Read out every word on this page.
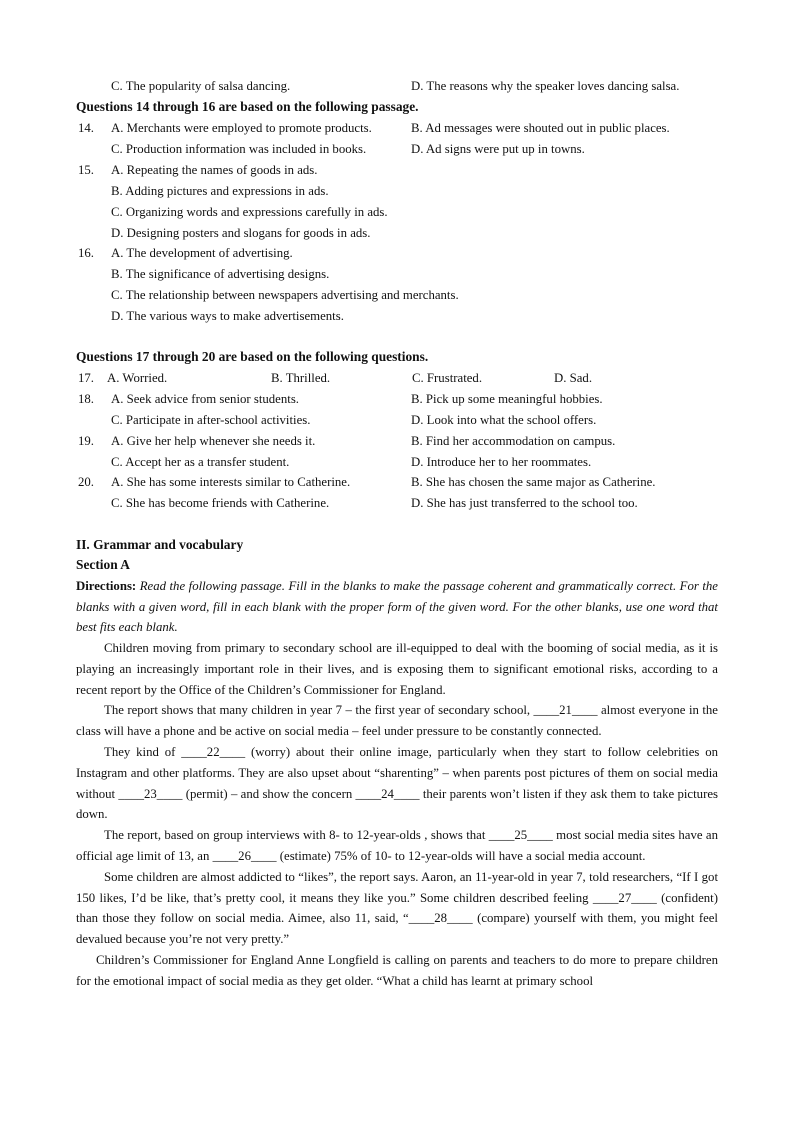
C. The popularity of salsa dancing.	D. The reasons why the speaker loves dancing salsa.
Questions 14 through 16 are based on the following passage.
14. A. Merchants were employed to promote products.	B. Ad messages were shouted out in public places.
C. Production information was included in books.	D. Ad signs were put up in towns.
15. A. Repeating the names of goods in ads.
B. Adding pictures and expressions in ads.
C. Organizing words and expressions carefully in ads.
D. Designing posters and slogans for goods in ads.
16. A. The development of advertising.
B. The significance of advertising designs.
C. The relationship between newspapers advertising and merchants.
D. The various ways to make advertisements.
Questions 17 through 20 are based on the following questions.
17. A. Worried.	B. Thrilled.	C. Frustrated.	D. Sad.
18. A. Seek advice from senior students.	B. Pick up some meaningful hobbies.
C. Participate in after-school activities.	D. Look into what the school offers.
19. A. Give her help whenever she needs it.	B. Find her accommodation on campus.
C. Accept her as a transfer student.	D. Introduce her to her roommates.
20. A. She has some interests similar to Catherine.	B. She has chosen the same major as Catherine.
C. She has become friends with Catherine.	D. She has just transferred to the school too.
II. Grammar and vocabulary
Section A
Directions: Read the following passage. Fill in the blanks to make the passage coherent and grammatically correct. For the blanks with a given word, fill in each blank with the proper form of the given word. For the other blanks, use one word that best fits each blank.

Children moving from primary to secondary school are ill-equipped to deal with the booming of social media, as it is playing an increasingly important role in their lives, and is exposing them to significant emotional risks, according to a recent report by the Office of the Children’s Commissioner for England.

The report shows that many children in year 7 – the first year of secondary school, ____21____ almost everyone in the class will have a phone and be active on social media – feel under pressure to be constantly connected.

They kind of ____22____ (worry) about their online image, particularly when they start to follow celebrities on Instagram and other platforms. They are also upset about “sharenting” – when parents post pictures of them on social media without ____23____ (permit) – and show the concern ____24____ their parents won’t listen if they ask them to take pictures down.

The report, based on group interviews with 8- to 12-year-olds , shows that ____25____ most social media sites have an official age limit of 13, an ____26____ (estimate) 75% of 10- to 12-year-olds will have a social media account.

Some children are almost addicted to “likes”, the report says. Aaron, an 11-year-old in year 7, told researchers, “If I got 150 likes, I’d be like, that’s pretty cool, it means they like you.” Some children described feeling ____27____ (confident) than those they follow on social media. Aimee, also 11, said, “____28____ (compare) yourself with them, you might feel devalued because you’re not very pretty.”

Children’s Commissioner for England Anne Longfield is calling on parents and teachers to do more to prepare children for the emotional impact of social media as they get older. “What a child has learnt at primary school
